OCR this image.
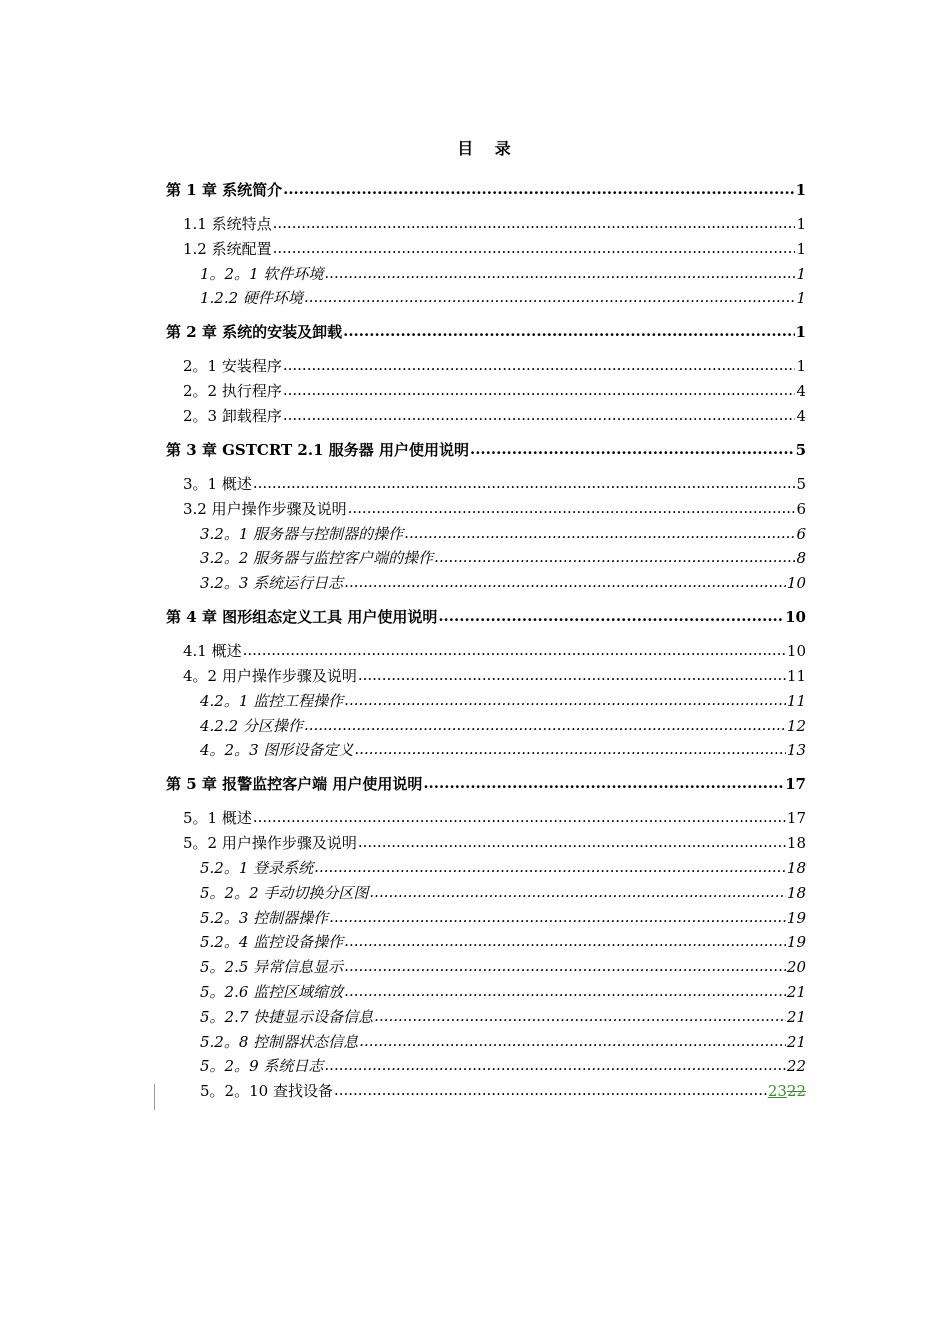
目 录
第 1 章 系统简介 .....	1
1.1 系统特点 .....	1
1.2 系统配置 .....	1
1。2。1 软件环境 .....	1
1.2.2 硬件环境 .....	1
第 2 章 系统的安装及卸载 .....	1
2。1 安装程序 .....	1
2。2 执行程序 .....	4
2。3 卸载程序 .....	4
第 3 章 GSTCRT 2.1 服务器 用户使用说明 .....	5
3。1 概述 .....	5
3.2 用户操作步骤及说明 .....	6
3.2。1 服务器与控制器的操作 .....	6
3.2。2 服务器与监控客户端的操作 .....	8
3.2。3 系统运行日志 .....	10
第 4 章 图形组态定义工具 用户使用说明 .....	10
4.1 概述 .....	10
4。2 用户操作步骤及说明 .....	11
4.2。1 监控工程操作 .....	11
4.2.2 分区操作 .....	12
4。2。3 图形设备定义 .....	13
第 5 章 报警监控客户端 用户使用说明 .....	17
5。1 概述 .....	17
5。2 用户操作步骤及说明 .....	18
5.2。1 登录系统 .....	18
5。2。2 手动切换分区图 .....	18
5.2。3 控制器操作 .....	19
5.2。4 监控设备操作 .....	19
5。2.5 异常信息显示 .....	20
5。2.6 监控区域缩放 .....	21
5。2.7 快捷显示设备信息 .....	21
5.2。8 控制器状态信息 .....	21
5。2。9 系统日志 .....	22
5。2。10 查找设备 .....	2322
